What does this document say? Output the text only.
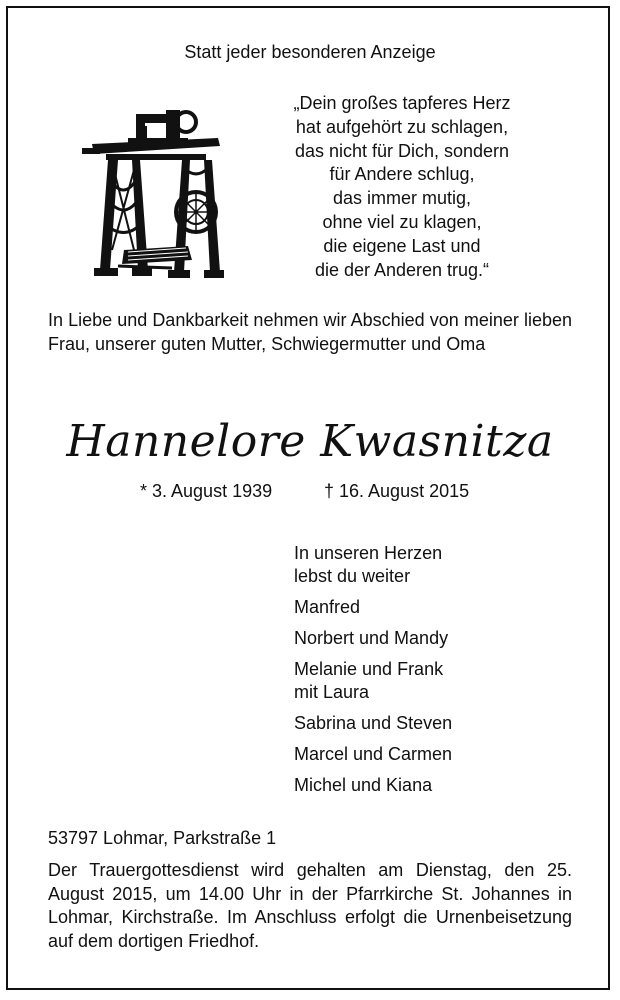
Statt jeder besonderen Anzeige
„Dein großes tapferes Herz
hat aufgehört zu schlagen,
das nicht für Dich, sondern
für Andere schlug,
das immer mutig,
ohne viel zu klagen,
die eigene Last und
die der Anderen trug.“
In Liebe und Dankbarkeit nehmen wir Abschied von meiner lieben Frau, unserer guten Mutter, Schwiegermutter und Oma
Hannelore Kwasnitza
* 3. August 1939	† 16. August 2015
In unseren Herzen
lebst du weiter
Manfred
Norbert und Mandy
Melanie und Frank
mit Laura
Sabrina und Steven
Marcel und Carmen
Michel und Kiana
53797 Lohmar, Parkstraße 1
Der Trauergottesdienst wird gehalten am Dienstag, den 25. August 2015, um 14.00 Uhr in der Pfarrkirche St. Johannes in Lohmar, Kirchstraße. Im Anschluss erfolgt die Urnenbeisetzung auf dem dortigen Friedhof.
